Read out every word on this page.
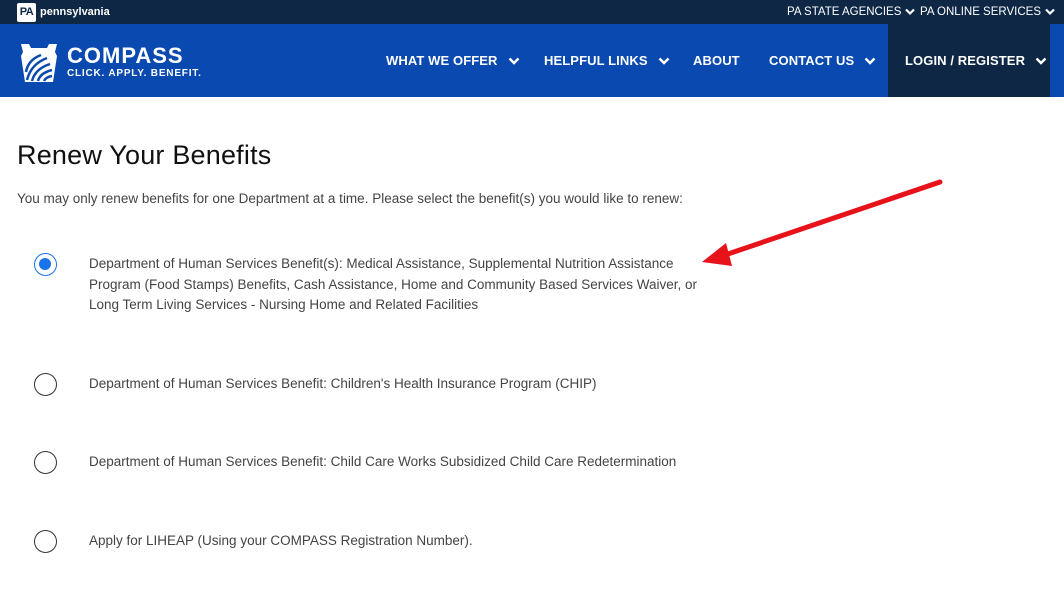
PA pennsylvania	PA STATE AGENCIES PA ONLINE SERVICES
COMPASS
CLICK. APPLY. BENEFIT.
WHAT WE OFFER	HELPFUL LINKS	ABOUT CONTACT US	LOGIN / REGISTER
Renew Your Benefits

You may only renew benefits for one Department at a time. Please select the benefit(s) you would like to renew:

Department of Human Services Benefit(s): Medical Assistance, Supplemental Nutrition Assistance Program (Food Stamps) Benefits, Cash Assistance, Home and Community Based Services Waiver, or Long Term Living Services - Nursing Home and Related Facilities
Department of Human Services Benefit: Children's Health Insurance Program (CHIP)
Department of Human Services Benefit: Child Care Works Subsidized Child Care Redetermination
Apply for LIHEAP (Using your COMPASS Registration Number).
